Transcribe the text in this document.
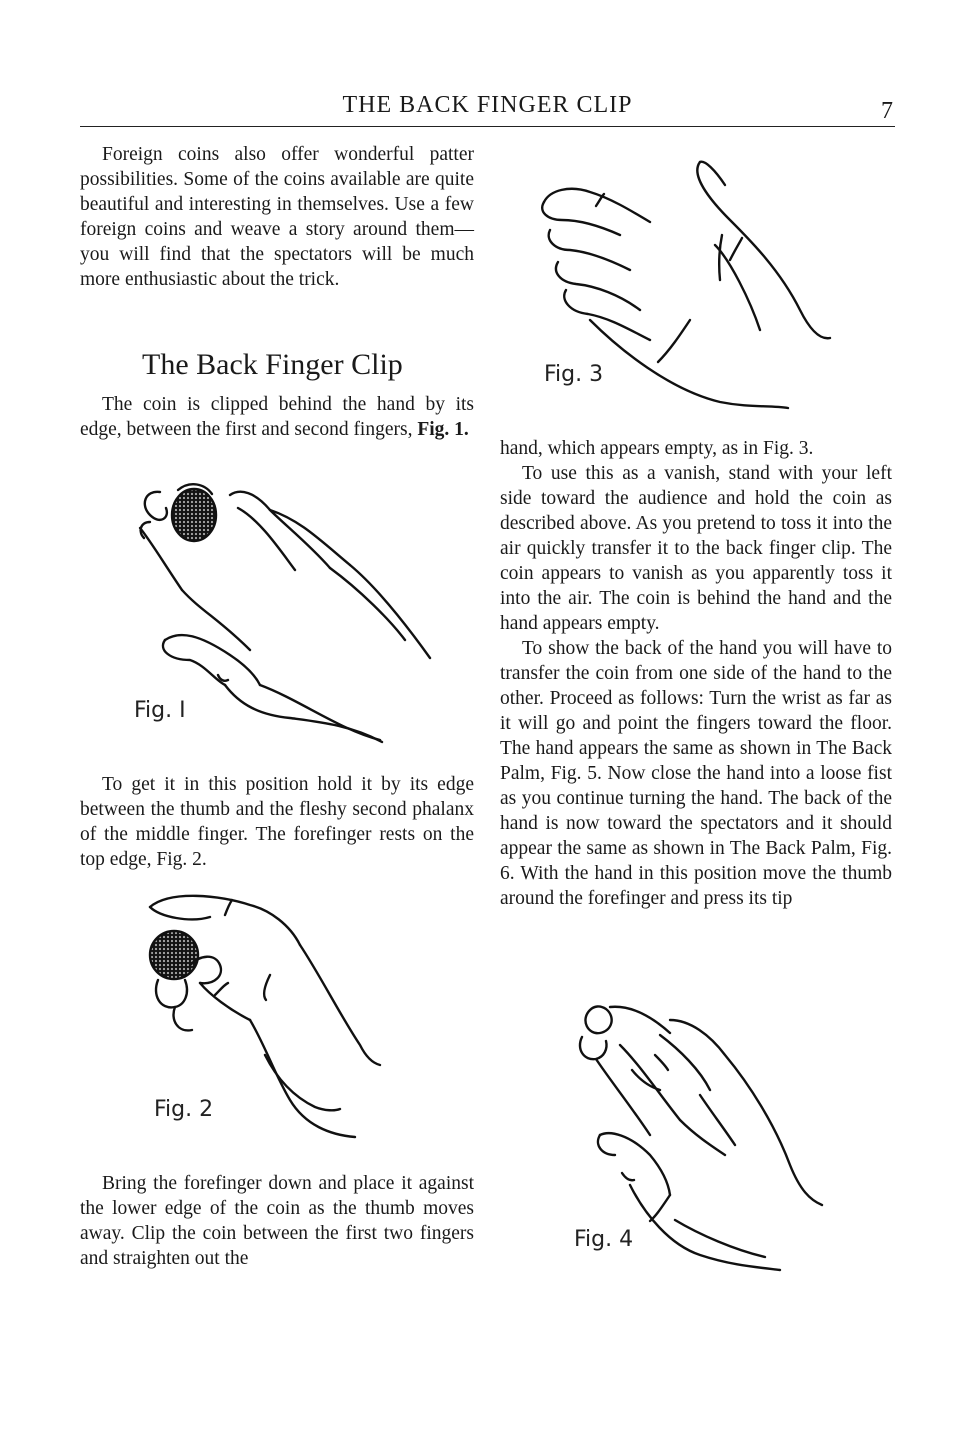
THE BACK FINGER CLIP	7

Foreign coins also offer wonderful patter possibilities. Some of the coins available are quite beautiful and interesting in themselves. Use a few foreign coins and weave a story around them—you will find that the spectators will be much more enthusiastic about the trick.

The Back Finger Clip

The coin is clipped behind the hand by its edge, between the first and second fingers, Fig. 1.

Fig. I

To get it in this position hold it by its edge between the thumb and the fleshy second phalanx of the middle finger. The forefinger rests on the top edge, Fig. 2.

Fig. 2

Bring the forefinger down and place it against the lower edge of the coin as the thumb moves away. Clip the coin between the first two fingers and straighten out the

Fig. 3

hand, which appears empty, as in Fig. 3.

To use this as a vanish, stand with your left side toward the audience and hold the coin as described above. As you pretend to toss it into the air quickly transfer it to the back finger clip. The coin appears to vanish as you apparently toss it into the air. The coin is behind the hand and the hand appears empty.

To show the back of the hand you will have to transfer the coin from one side of the hand to the other. Proceed as follows: Turn the wrist as far as it will go and point the fingers toward the floor. The hand appears the same as shown in The Back Palm, Fig. 5. Now close the hand into a loose fist as you continue turning the hand. The back of the hand is now toward the spectators and it should appear the same as shown in The Back Palm, Fig. 6. With the hand in this position move the thumb around the forefinger and press its tip

Fig. 4
